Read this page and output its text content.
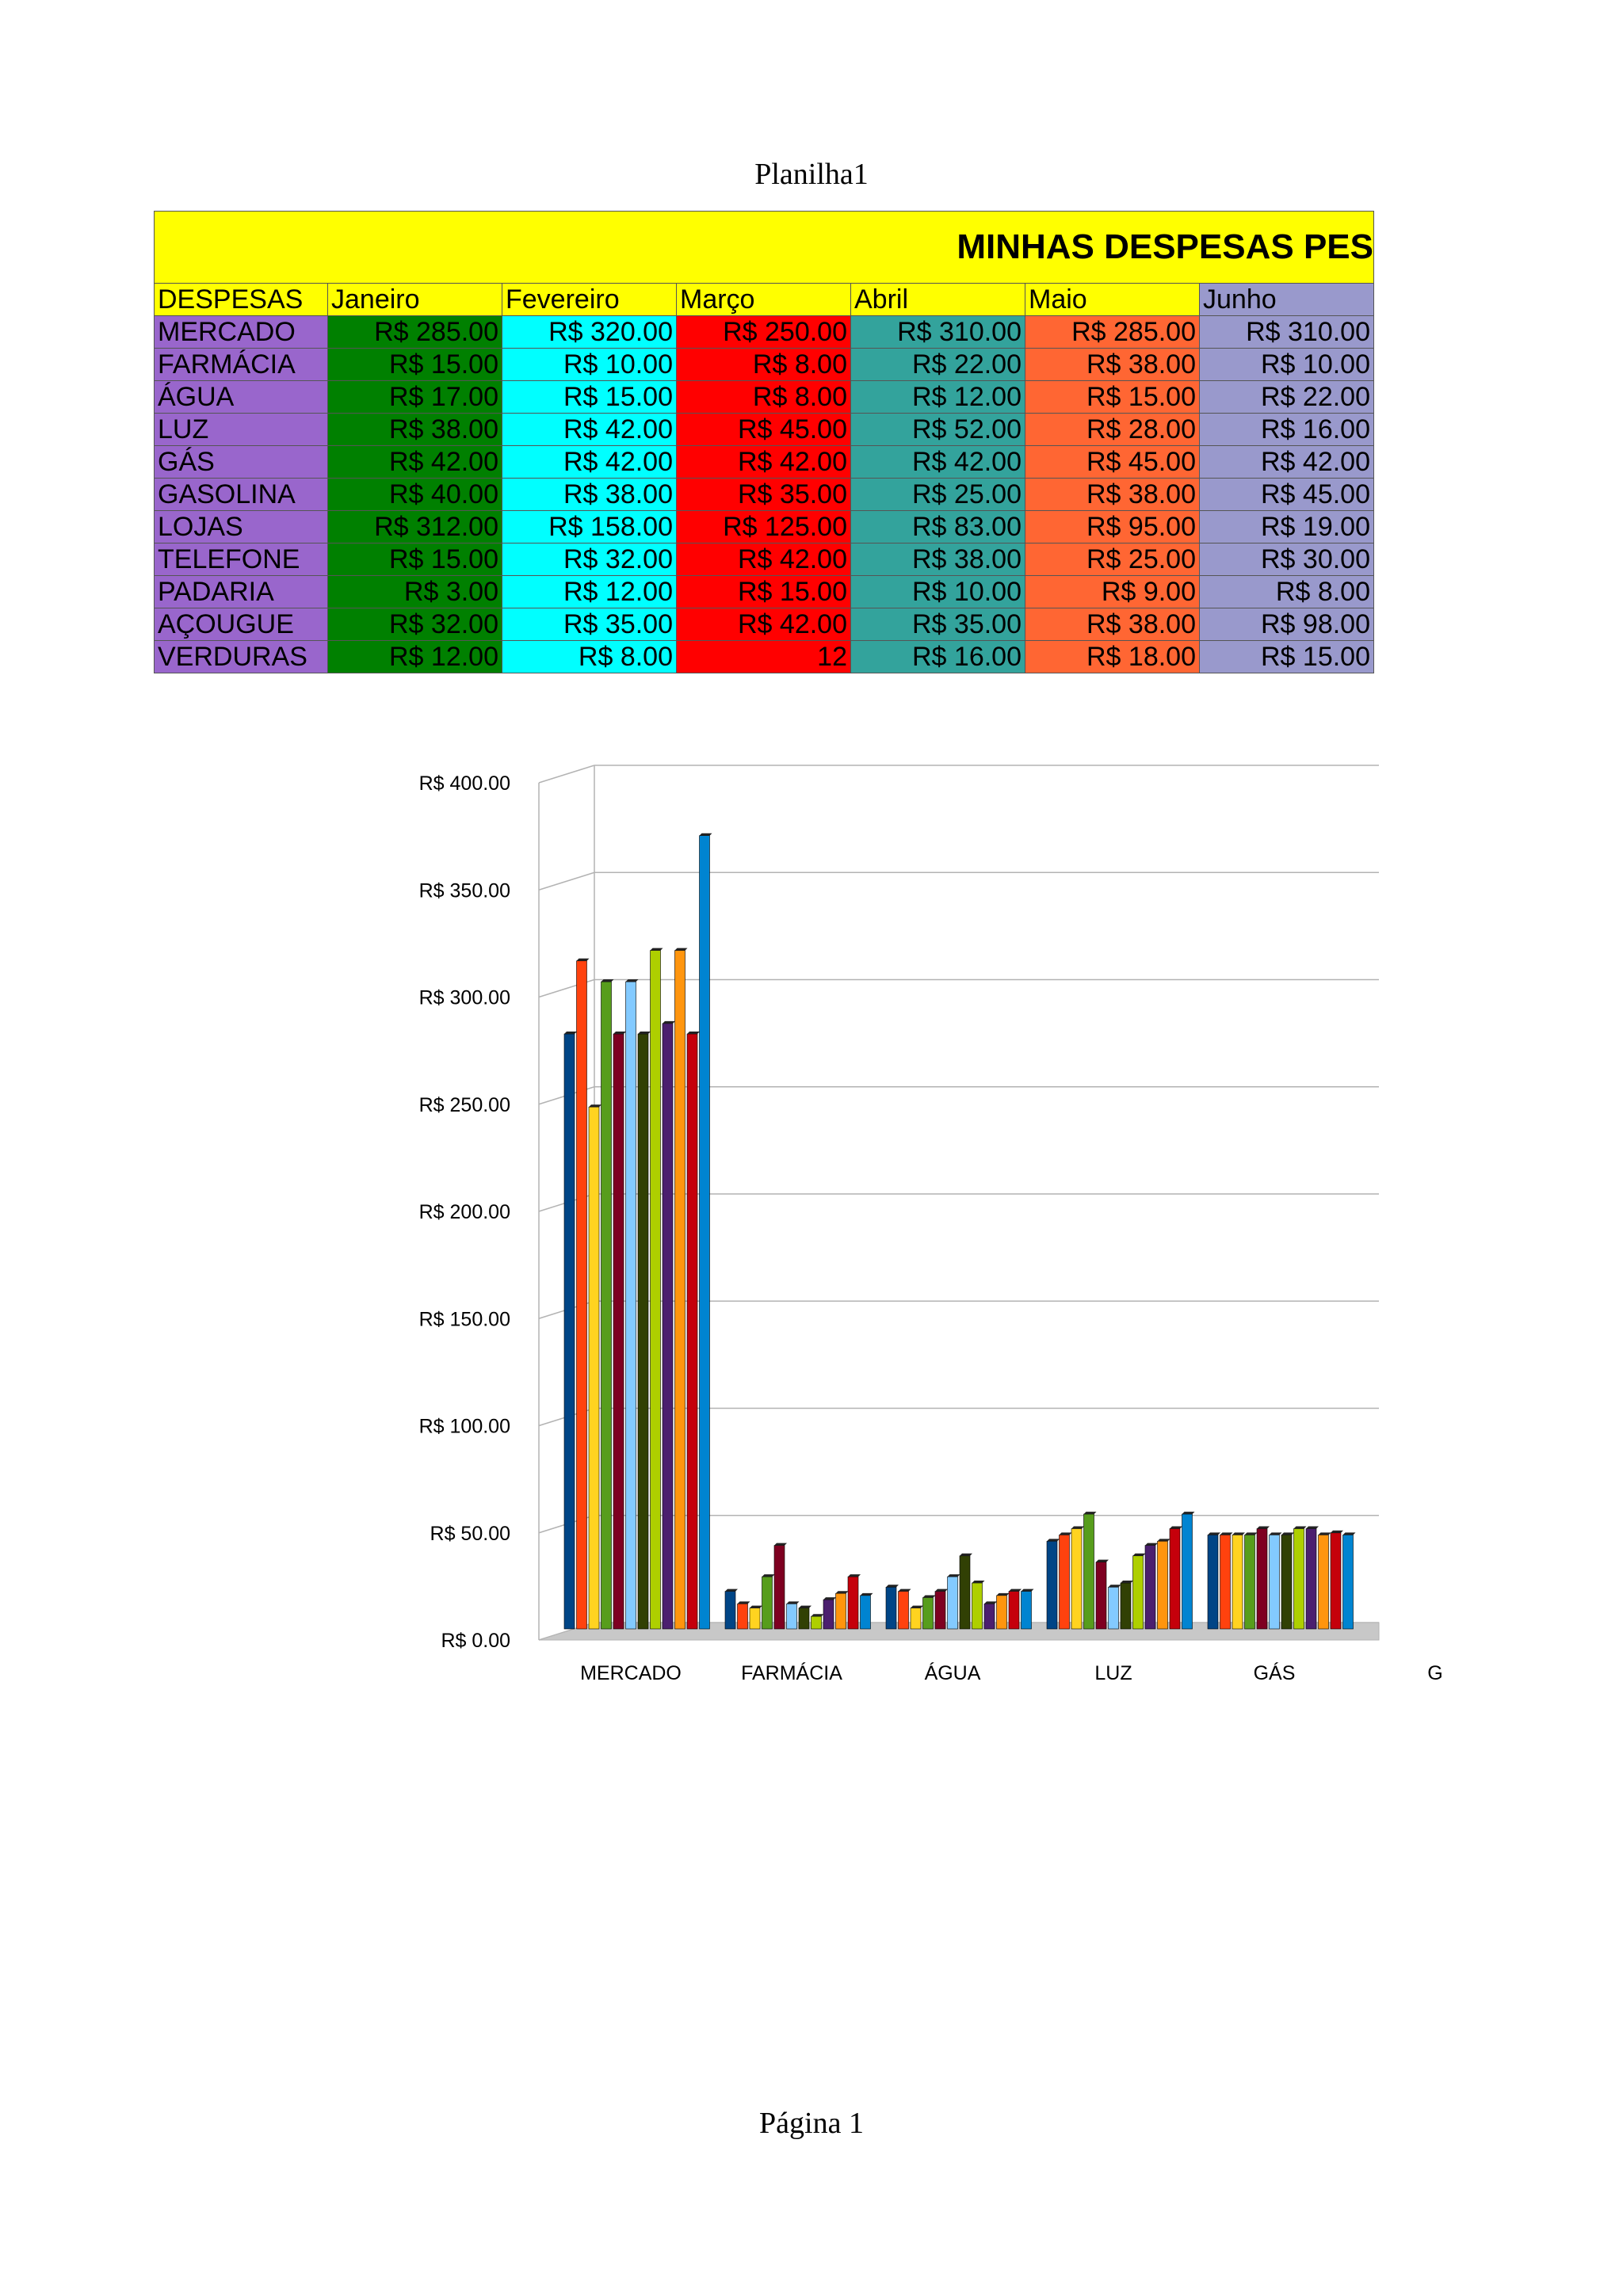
Planilha1
MINHAS DESPESAS PES						
DESPESAS	Janeiro	Fevereiro	Março	Abril	Maio	Junho
MERCADO	R$ 285.00	R$ 320.00	R$ 250.00	R$ 310.00	R$ 285.00	R$ 310.00
FARMÁCIA	R$ 15.00	R$ 10.00	R$ 8.00	R$ 22.00	R$ 38.00	R$ 10.00
ÁGUA	R$ 17.00	R$ 15.00	R$ 8.00	R$ 12.00	R$ 15.00	R$ 22.00
LUZ	R$ 38.00	R$ 42.00	R$ 45.00	R$ 52.00	R$ 28.00	R$ 16.00
GÁS	R$ 42.00	R$ 42.00	R$ 42.00	R$ 42.00	R$ 45.00	R$ 42.00
GASOLINA	R$ 40.00	R$ 38.00	R$ 35.00	R$ 25.00	R$ 38.00	R$ 45.00
LOJAS	R$ 312.00	R$ 158.00	R$ 125.00	R$ 83.00	R$ 95.00	R$ 19.00
TELEFONE	R$ 15.00	R$ 32.00	R$ 42.00	R$ 38.00	R$ 25.00	R$ 30.00
PADARIA	R$ 3.00	R$ 12.00	R$ 15.00	R$ 10.00	R$ 9.00	R$ 8.00
AÇOUGUE	R$ 32.00	R$ 35.00	R$ 42.00	R$ 35.00	R$ 38.00	R$ 98.00
VERDURAS	R$ 12.00	R$ 8.00	12	R$ 16.00	R$ 18.00	R$ 15.00
R$ 0.00
R$ 50.00
R$ 100.00
R$ 150.00
R$ 200.00
R$ 250.00
R$ 300.00
R$ 350.00
R$ 400.00
MERCADO	FARMÁCIA	ÁGUA	LUZ	GÁS	G
Página 1
